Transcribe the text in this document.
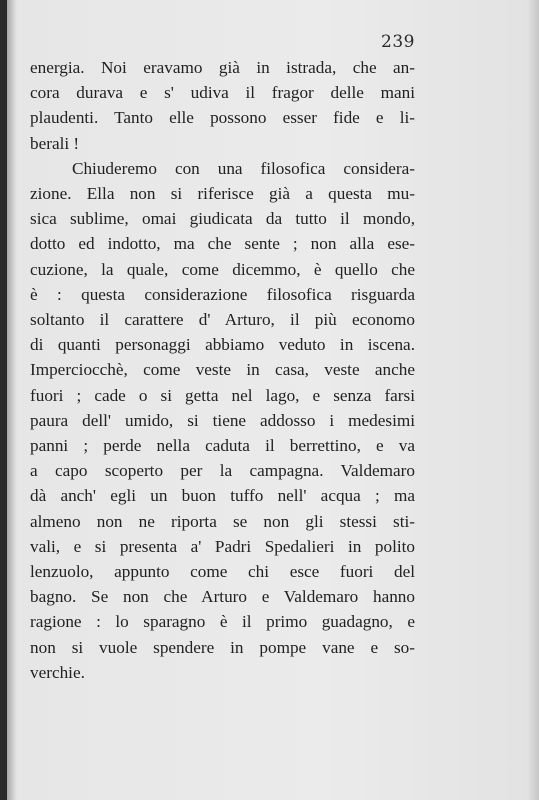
239
energia. Noi eravamo già in istrada, che an-
cora durava e s' udiva il fragor delle mani
plaudenti. Tanto elle possono esser fide e li-
berali !
Chiuderemo con una filosofica considera-
zione. Ella non si riferisce già a questa mu-
sica sublime, omai giudicata da tutto il mondo,
dotto ed indotto, ma che sente ; non alla ese-
cuzione, la quale, come dicemmo, è quello che
è : questa considerazione filosofica risguarda
soltanto il carattere d' Arturo, il più economo
di quanti personaggi abbiamo veduto in iscena.
Imperciocchè, come veste in casa, veste anche
fuori ; cade o si getta nel lago, e senza farsi
paura dell' umido, si tiene addosso i medesimi
panni ; perde nella caduta il berrettino, e va
a capo scoperto per la campagna. Valdemaro
dà anch' egli un buon tuffo nell' acqua ; ma
almeno non ne riporta se non gli stessi sti-
vali, e si presenta a' Padri Spedalieri in polito
lenzuolo, appunto come chi esce fuori del
bagno. Se non che Arturo e Valdemaro hanno
ragione : lo sparagno è il primo guadagno, e
non si vuole spendere in pompe vane e so-
verchie.
